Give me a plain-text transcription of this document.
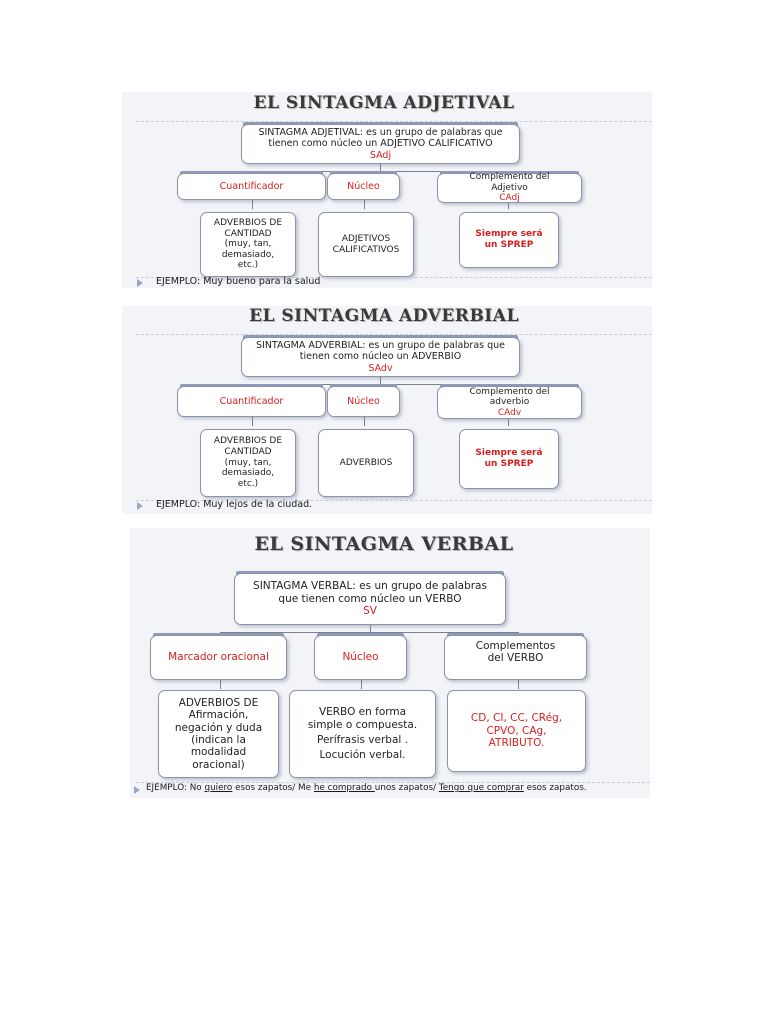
EL SINTAGMA ADJETIVAL
SINTAGMA ADJETIVAL: es un grupo de palabras que tienen como núcleo un ADJETIVO CALIFICATIVO
SAdj
Cuantificador	Núcleo
Complemento del Adjetivo
CAdj
ADVERBIOS DE CANTIDAD (muy, tan, demasiado, etc.)
ADJETIVOS CALIFICATIVOS
Siempre será un SPREP
EJEMPLO: Muy bueno para la salud
EL SINTAGMA ADVERBIAL
SINTAGMA ADVERBIAL: es un grupo de palabras que tienen como núcleo un ADVERBIO
SAdv
Cuantificador	Núcleo
Complemento del adverbio
CAdv
ADVERBIOS DE CANTIDAD (muy, tan, demasiado, etc.)
ADVERBIOS
Siempre será un SPREP
EJEMPLO: Muy lejos de la ciudad.
EL SINTAGMA VERBAL
SINTAGMA VERBAL: es un grupo de palabras que tienen como núcleo un VERBO
SV
Marcador oracional	Núcleo
Complementos del VERBO
ADVERBIOS DE Afirmación, negación y duda (indican la modalidad oracional)
VERBO en forma simple o compuesta.
Perífrasis verbal .
Locución verbal.
CD, CI, CC, CRég, CPVO, CAg, ATRIBUTO.
EJEMPLO: No quiero esos zapatos/ Me he comprado unos zapatos/ Tengo que comprar esos zapatos.
